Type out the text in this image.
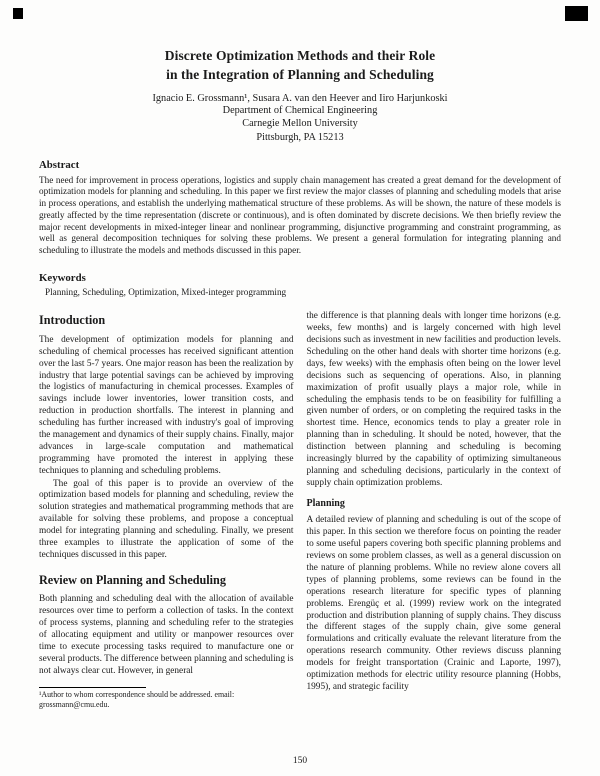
Discrete Optimization Methods and their Role
in the Integration of Planning and Scheduling
Ignacio E. Grossmann¹, Susara A. van den Heever and Iiro Harjunkoski
Department of Chemical Engineering
Carnegie Mellon University
Pittsburgh, PA 15213
Abstract
The need for improvement in process operations, logistics and supply chain management has created a great demand for the development of optimization models for planning and scheduling. In this paper we first review the major classes of planning and scheduling models that arise in process operations, and establish the underlying mathematical structure of these problems. As will be shown, the nature of these models is greatly affected by the time representation (discrete or continuous), and is often dominated by discrete decisions. We then briefly review the major recent developments in mixed-integer linear and nonlinear programming, disjunctive programming and constraint programming, as well as general decomposition techniques for solving these problems. We present a general formulation for integrating planning and scheduling to illustrate the models and methods discussed in this paper.
Keywords
Planning, Scheduling, Optimization, Mixed-integer programming
Introduction

The development of optimization models for planning and scheduling of chemical processes has received significant attention over the last 5-7 years. One major reason has been the realization by industry that large potential savings can be achieved by improving the logistics of manufacturing in chemical processes. Examples of savings include lower inventories, lower transition costs, and reduction in production shortfalls. The interest in planning and scheduling has further increased with industry's goal of improving the management and dynamics of their supply chains. Finally, major advances in large-scale computation and mathematical programming have promoted the interest in applying these techniques to planning and scheduling problems.

The goal of this paper is to provide an overview of the optimization based models for planning and scheduling, review the solution strategies and mathematical programming methods that are available for solving these problems, and propose a conceptual model for integrating planning and scheduling. Finally, we present three examples to illustrate the application of some of the techniques discussed in this paper.

Review on Planning and Scheduling

Both planning and scheduling deal with the allocation of available resources over time to perform a collection of tasks. In the context of process systems, planning and scheduling refer to the strategies of allocating equipment and utility or manpower resources over time to execute processing tasks required to manufacture one or several products. The difference between planning and scheduling is not always clear cut. However, in general

¹Author to whom correspondence should be addressed. email: grossmann@cmu.edu.

the difference is that planning deals with longer time horizons (e.g. weeks, few months) and is largely concerned with high level decisions such as investment in new facilities and production levels. Scheduling on the other hand deals with shorter time horizons (e.g. days, few weeks) with the emphasis often being on the lower level decisions such as sequencing of operations. Also, in planning maximization of profit usually plays a major role, while in scheduling the emphasis tends to be on feasibility for fulfilling a given number of orders, or on completing the required tasks in the shortest time. Hence, economics tends to play a greater role in planning than in scheduling. It should be noted, however, that the distinction between planning and scheduling is becoming increasingly blurred by the capability of optimizing simultaneous planning and scheduling decisions, particularly in the context of supply chain optimization problems.

Planning

A detailed review of planning and scheduling is out of the scope of this paper. In this section we therefore focus on pointing the reader to some useful papers covering both specific planning problems and reviews on some problem classes, as well as a general discussion on the nature of planning problems. While no review alone covers all types of planning problems, some reviews can be found in the operations research literature for specific types of planning problems. Erengüç et al. (1999) review work on the integrated production and distribution planning of supply chains. They discuss the different stages of the supply chain, give some general formulations and critically evaluate the relevant literature from the operations research community. Other reviews discuss planning models for freight transportation (Crainic and Laporte, 1997), optimization methods for electric utility resource planning (Hobbs, 1995), and strategic facility

150
